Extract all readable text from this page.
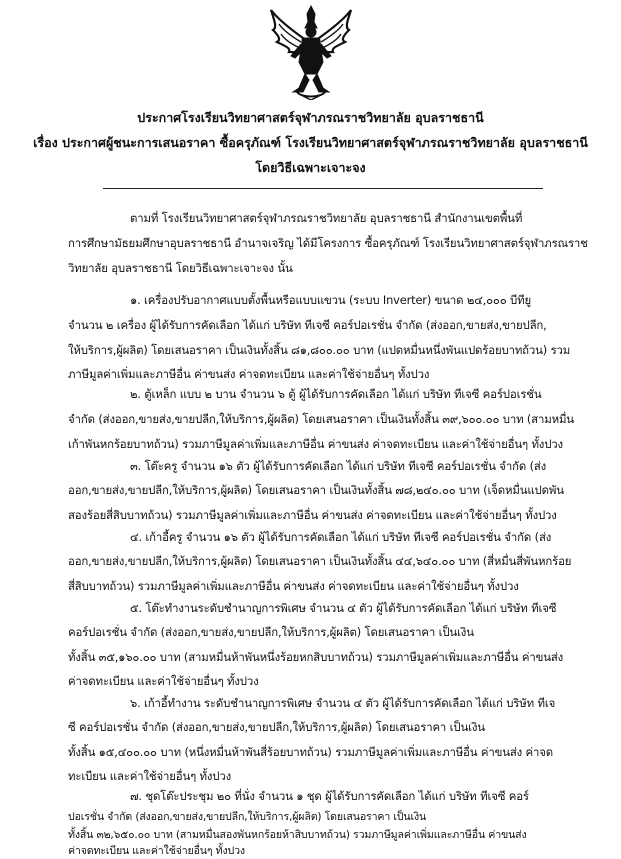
ประกาศโรงเรียนวิทยาศาสตร์จุฬาภรณราชวิทยาลัย อุบลราชธานี
เรื่อง ประกาศผู้ชนะการเสนอราคา ซื้อครุภัณฑ์ โรงเรียนวิทยาศาสตร์จุฬาภรณราชวิทยาลัย อุบลราชธานี
โดยวิธีเฉพาะเจาะจง
ตามที่ โรงเรียนวิทยาศาสตร์จุฬาภรณราชวิทยาลัย อุบลราชธานี สำนักงานเขตพื้นที่
การศึกษามัธยมศึกษาอุบลราชธานี อำนาจเจริญ ได้มีโครงการ ซื้อครุภัณฑ์ โรงเรียนวิทยาศาสตร์จุฬาภรณราช
วิทยาลัย อุบลราชธานี โดยวิธีเฉพาะเจาะจง นั้น
๑. เครื่องปรับอากาศแบบตั้งพื้นหรือแบบแขวน (ระบบ Inverter) ขนาด ๒๔,๐๐๐ บีทียู
จำนวน ๒ เครื่อง ผู้ได้รับการคัดเลือก ได้แก่ บริษัท ทีเจซี คอร์ปอเรชั่น จำกัด (ส่งออก,ขายส่ง,ขายปลีก,
ให้บริการ,ผู้ผลิต) โดยเสนอราคา เป็นเงินทั้งสิ้น ๘๑,๘๐๐.๐๐ บาท (แปดหมื่นหนึ่งพันแปดร้อยบาทถ้วน) รวม
ภาษีมูลค่าเพิ่มและภาษีอื่น ค่าขนส่ง ค่าจดทะเบียน และค่าใช้จ่ายอื่นๆ ทั้งปวง
๒. ตู้เหล็ก แบบ ๒ บาน จำนวน ๖ ตู้ ผู้ได้รับการคัดเลือก ได้แก่ บริษัท ทีเจซี คอร์ปอเรชั่น
จำกัด (ส่งออก,ขายส่ง,ขายปลีก,ให้บริการ,ผู้ผลิต) โดยเสนอราคา เป็นเงินทั้งสิ้น ๓๙,๖๐๐.๐๐ บาท (สามหมื่น
เก้าพันหกร้อยบาทถ้วน) รวมภาษีมูลค่าเพิ่มและภาษีอื่น ค่าขนส่ง ค่าจดทะเบียน และค่าใช้จ่ายอื่นๆ ทั้งปวง
๓. โต๊ะครู จำนวน ๑๖ ตัว ผู้ได้รับการคัดเลือก ได้แก่ บริษัท ทีเจซี คอร์ปอเรชั่น จำกัด (ส่ง
ออก,ขายส่ง,ขายปลีก,ให้บริการ,ผู้ผลิต) โดยเสนอราคา เป็นเงินทั้งสิ้น ๗๘,๒๔๐.๐๐ บาท (เจ็ดหมื่นแปดพัน
สองร้อยสี่สิบบาทถ้วน) รวมภาษีมูลค่าเพิ่มและภาษีอื่น ค่าขนส่ง ค่าจดทะเบียน และค่าใช้จ่ายอื่นๆ ทั้งปวง
๔. เก้าอี้ครู จำนวน ๑๖ ตัว ผู้ได้รับการคัดเลือก ได้แก่ บริษัท ทีเจซี คอร์ปอเรชั่น จำกัด (ส่ง
ออก,ขายส่ง,ขายปลีก,ให้บริการ,ผู้ผลิต) โดยเสนอราคา เป็นเงินทั้งสิ้น ๔๔,๖๔๐.๐๐ บาท (สี่หมื่นสี่พันหกร้อย
สี่สิบบาทถ้วน) รวมภาษีมูลค่าเพิ่มและภาษีอื่น ค่าขนส่ง ค่าจดทะเบียน และค่าใช้จ่ายอื่นๆ ทั้งปวง
๕. โต๊ะทำงานระดับชำนาญการพิเศษ จำนวน ๔ ตัว ผู้ได้รับการคัดเลือก ได้แก่ บริษัท ทีเจซี
คอร์ปอเรชั่น จำกัด (ส่งออก,ขายส่ง,ขายปลีก,ให้บริการ,ผู้ผลิต) โดยเสนอราคา เป็นเงิน
ทั้งสิ้น ๓๕,๑๖๐.๐๐ บาท (สามหมื่นห้าพันหนึ่งร้อยหกสิบบาทถ้วน) รวมภาษีมูลค่าเพิ่มและภาษีอื่น ค่าขนส่ง
ค่าจดทะเบียน และค่าใช้จ่ายอื่นๆ ทั้งปวง
๖. เก้าอี้ทำงาน ระดับชำนาญการพิเศษ จำนวน ๔ ตัว ผู้ได้รับการคัดเลือก ได้แก่ บริษัท ทีเจ
ซี คอร์ปอเรชั่น จำกัด (ส่งออก,ขายส่ง,ขายปลีก,ให้บริการ,ผู้ผลิต) โดยเสนอราคา เป็นเงิน
ทั้งสิ้น ๑๕,๔๐๐.๐๐ บาท (หนึ่งหมื่นห้าพันสี่ร้อยบาทถ้วน) รวมภาษีมูลค่าเพิ่มและภาษีอื่น ค่าขนส่ง ค่าจด
ทะเบียน และค่าใช้จ่ายอื่นๆ ทั้งปวง
๗. ชุดโต๊ะประชุม ๒๐ ที่นั่ง จำนวน ๑ ชุด ผู้ได้รับการคัดเลือก ได้แก่ บริษัท ทีเจซี คอร์
ปอเรชั่น จำกัด (ส่งออก,ขายส่ง,ขายปลีก,ให้บริการ,ผู้ผลิต) โดยเสนอราคา เป็นเงิน
ทั้งสิ้น ๓๒,๖๕๐.๐๐ บาท (สามหมื่นสองพันหกร้อยห้าสิบบาทถ้วน) รวมภาษีมูลค่าเพิ่มและภาษีอื่น ค่าขนส่ง
ค่าจดทะเบียน และค่าใช้จ่ายอื่นๆ ทั้งปวง
